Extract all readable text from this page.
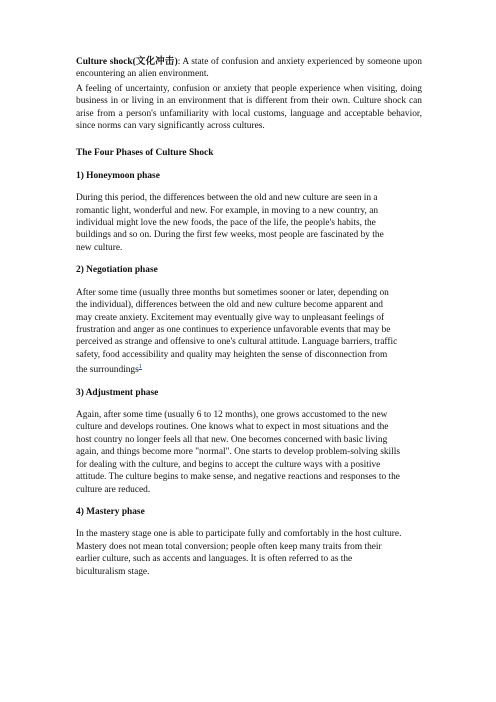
Culture shock(文化冲击): A state of confusion and anxiety experienced by someone upon encountering an alien environment.

A feeling of uncertainty, confusion or anxiety that people experience when visiting, doing business in or living in an environment that is different from their own. Culture shock can arise from a person's unfamiliarity with local customs, language and acceptable behavior, since norms can vary significantly across cultures.

The Four Phases of Culture Shock

1) Honeymoon phase

During this period, the differences between the old and new culture are seen in a

romantic light, wonderful and new. For example, in moving to a new country, an

individual might love the new foods, the pace of the life, the people's habits, the

buildings and so on. During the first few weeks, most people are fascinated by the

new culture.

2) Negotiation phase

After some time (usually three months but sometimes sooner or later, depending on

the individual), differences between the old and new culture become apparent and

may create anxiety. Excitement may eventually give way to unpleasant feelings of

frustration and anger as one continues to experience unfavorable events that may be

perceived as strange and offensive to one's cultural attitude. Language barriers, traffic

safety, food accessibility and quality may heighten the sense of disconnection from

the surroundings$^1$

3) Adjustment phase

Again, after some time (usually 6 to 12 months), one grows accustomed to the new

culture and develops routines. One knows what to expect in most situations and the

host country no longer feels all that new. One becomes concerned with basic living

again, and things become more "normal". One starts to develop problem-solving skills

for dealing with the culture, and begins to accept the culture ways with a positive

attitude. The culture begins to make sense, and negative reactions and responses to the

culture are reduced.

4) Mastery phase

In the mastery stage one is able to participate fully and comfortably in the host culture.

Mastery does not mean total conversion; people often keep many traits from their

earlier culture, such as accents and languages. It is often referred to as the

biculturalism stage.
